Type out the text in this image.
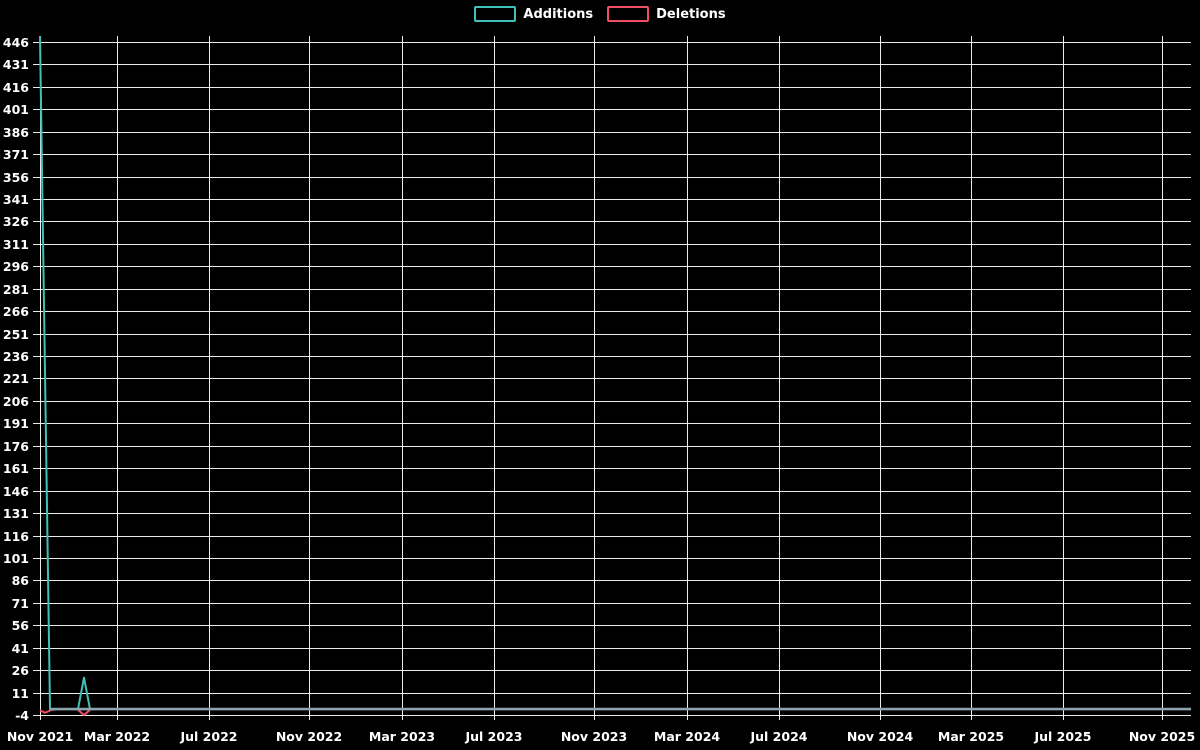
Additions	Deletions
446
431
416
401
386
371
356
341
326
311
296
281
266
251
236
221
206
191
176
161
146
131
116
101
86
71
56
41
26
11
-4
Nov 2021 Mar 2022 Jul 2022	Nov 2022 Mar 2023 Jul 2023	Nov 2023 Mar 2024 Jul 2024	Nov 2024 Mar 2025 Jul 2025	Nov 2025
